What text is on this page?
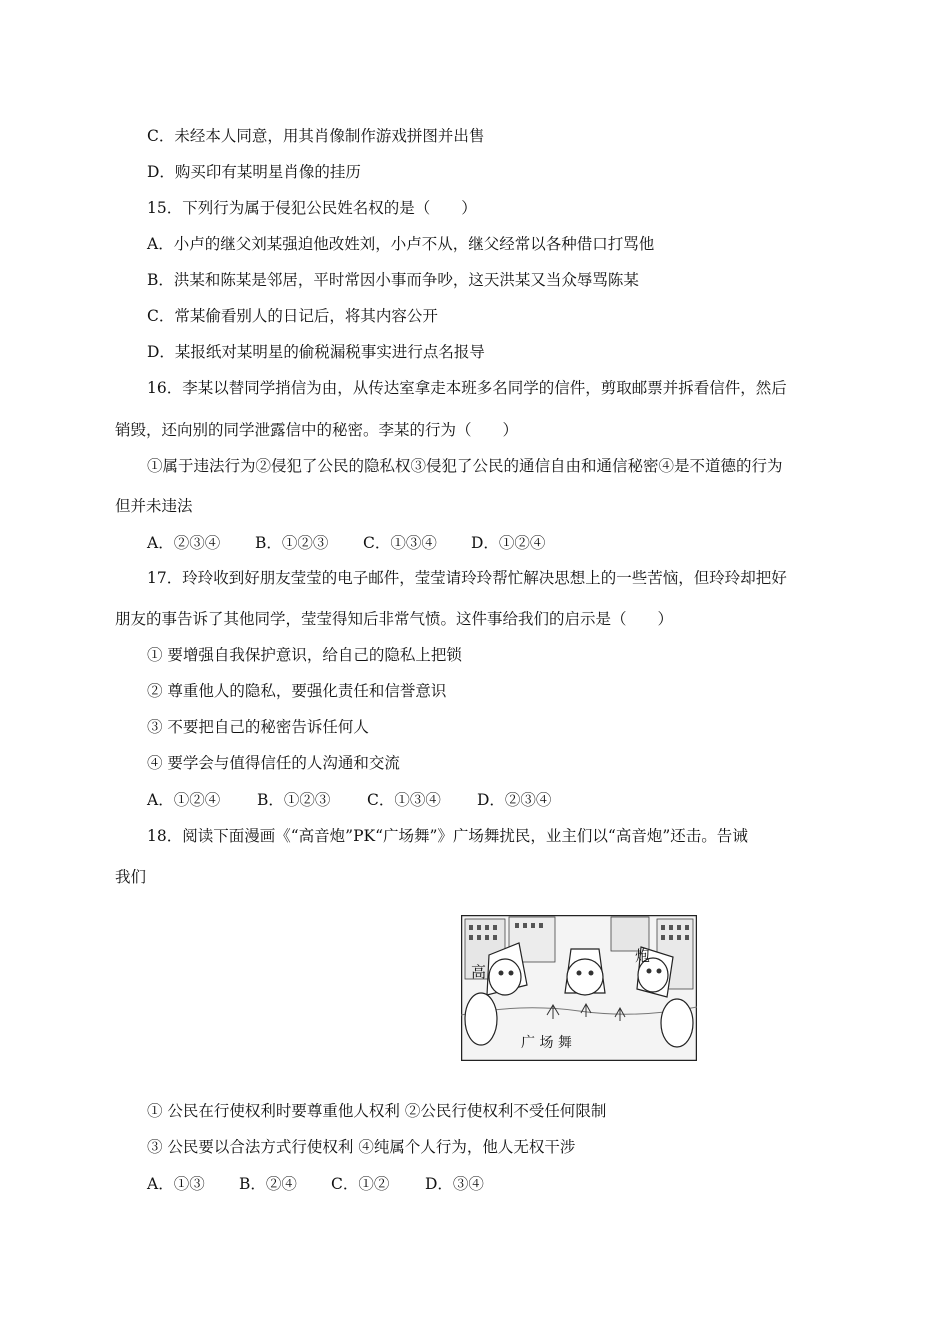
C．未经本人同意，用其肖像制作游戏拼图并出售
D．购买印有某明星肖像的挂历
15．下列行为属于侵犯公民姓名权的是（　　）
A．小卢的继父刘某强迫他改姓刘，小卢不从，继父经常以各种借口打骂他
B．洪某和陈某是邻居，平时常因小事而争吵，这天洪某又当众辱骂陈某
C．常某偷看别人的日记后，将其内容公开
D．某报纸对某明星的偷税漏税事实进行点名报导
16．李某以替同学捎信为由，从传达室拿走本班多名同学的信件，剪取邮票并拆看信件，然后
销毁，还向别的同学泄露信中的秘密。李某的行为（　　）
①属于违法行为②侵犯了公民的隐私权③侵犯了公民的通信自由和通信秘密④是不道德的行为
但并未违法
A．②③④ B．①②③ C．①③④ D．①②④
17．玲玲收到好朋友莹莹的电子邮件，莹莹请玲玲帮忙解决思想上的一些苦恼，但玲玲却把好
朋友的事告诉了其他同学，莹莹得知后非常气愤。这件事给我们的启示是（　　）
① 要增强自我保护意识，给自己的隐私上把锁
② 尊重他人的隐私，要强化责任和信誉意识
③ 不要把自己的秘密告诉任何人
④ 要学会与值得信任的人沟通和交流
A．①②④ B．①②③ C．①③④ D．②③④
18．阅读下面漫画《“高音炮”PK“广场舞”》广场舞扰民，业主们以“高音炮”还击。告诫
我们
高
炮
广 场 舞
① 公民在行使权利时要尊重他人权利 ②公民行使权利不受任何限制
③ 公民要以合法方式行使权利 ④纯属个人行为，他人无权干涉
A．①③ B．②④ C．①② D．③④
